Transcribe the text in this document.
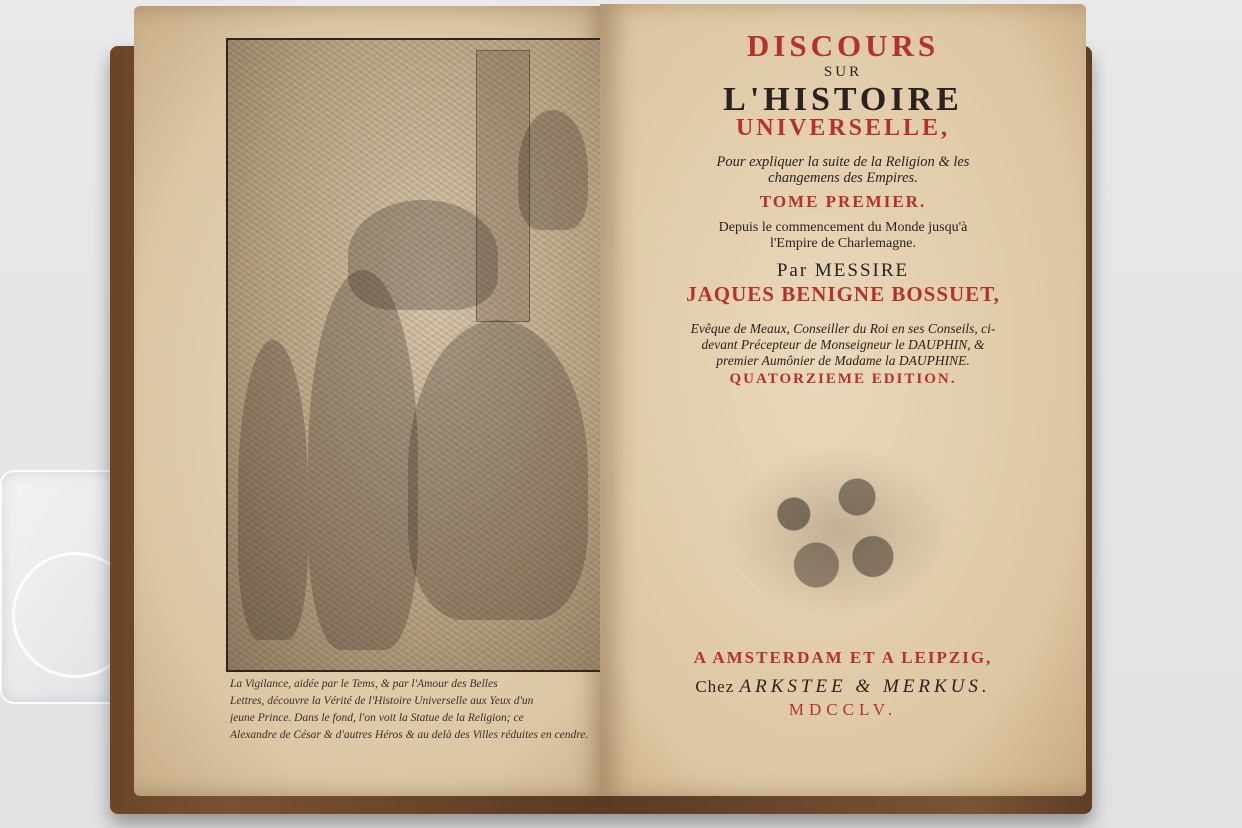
La Vigilance, aidée par le Tems, & par l'Amour des Belles
Lettres, découvre la Vérité de l'Histoire Universelle aux Yeux d'un
jeune Prince. Dans le fond, l'on voit la Statue de la Religion; ce
Alexandre de César & d'autres Héros & au delà des Villes réduites en cendre.
DISCOURS
SUR
L'HISTOIRE
UNIVERSELLE,
Pour expliquer la suite de la Religion & les
changemens des Empires.
TOME PREMIER.
Depuis le commencement du Monde jusqu'à
l'Empire de Charlemagne.
Par MESSIRE
JAQUES BENIGNE BOSSUET,
Evêque de Meaux, Conseiller du Roi en ses Conseils, ci-
devant Précepteur de Monseigneur le DAUPHIN, &
premier Aumônier de Madame la DAUPHINE.
QUATORZIEME EDITION.
A AMSTERDAM ET A LEIPZIG,
Chez ARKSTEE & MERKUS.
MDCCLV.
